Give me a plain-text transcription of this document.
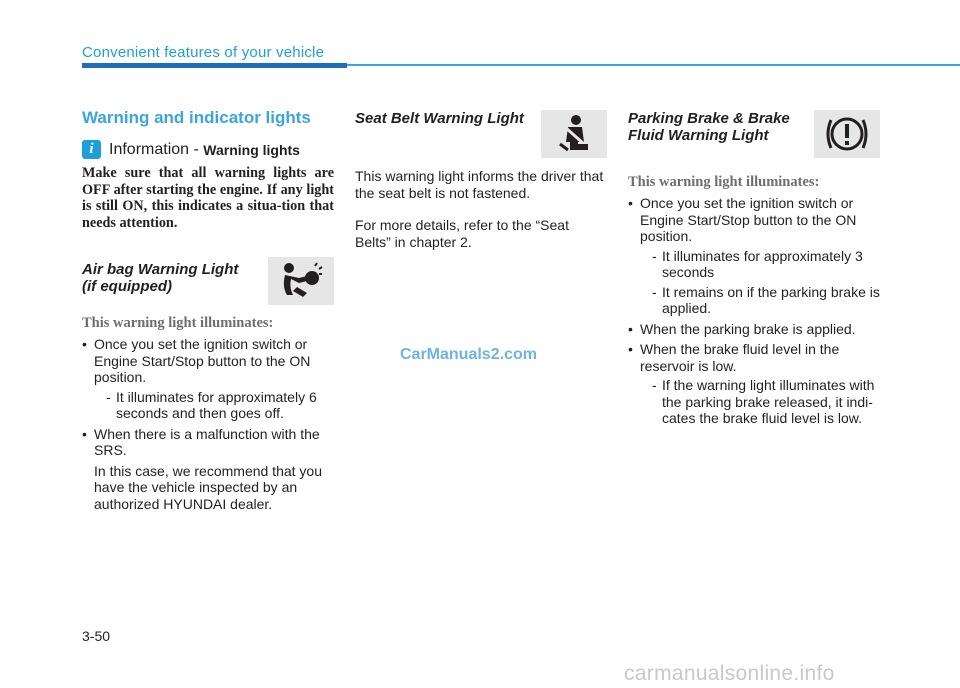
Convenient features of your vehicle
Warning and indicator lights
i Information -
Warning lights

Make sure that all warning lights are OFF after starting the engine. If any light is still ON, this indicates a situa-tion that needs attention.

Air bag Warning Light

(if equipped)

This warning light illuminates:

• Once you set the ignition switch or Engine Start/Stop button to the ON position.
- It illuminates for approximately 6 seconds and then goes off.
• When there is a malfunction with the SRS.

In this case, we recommend that you have the vehicle inspected by an authorized HYUNDAI dealer.

Seat Belt Warning Light

This warning light informs the driver that the seat belt is not fastened.

For more details, refer to the “Seat Belts” in chapter 2.

Parking Brake & Brake

Fluid Warning Light

This warning light illuminates:

• Once you set the ignition switch or Engine Start/Stop button to the ON position.
- It illuminates for approximately 3 seconds
- It remains on if the parking brake is applied.
• When the parking brake is applied.
• When the brake fluid level in the reservoir is low.
- If the warning light illuminates with the parking brake released, it indi-cates the brake fluid level is low.
CarManuals2.com
3-50
carmanualsonline.info
